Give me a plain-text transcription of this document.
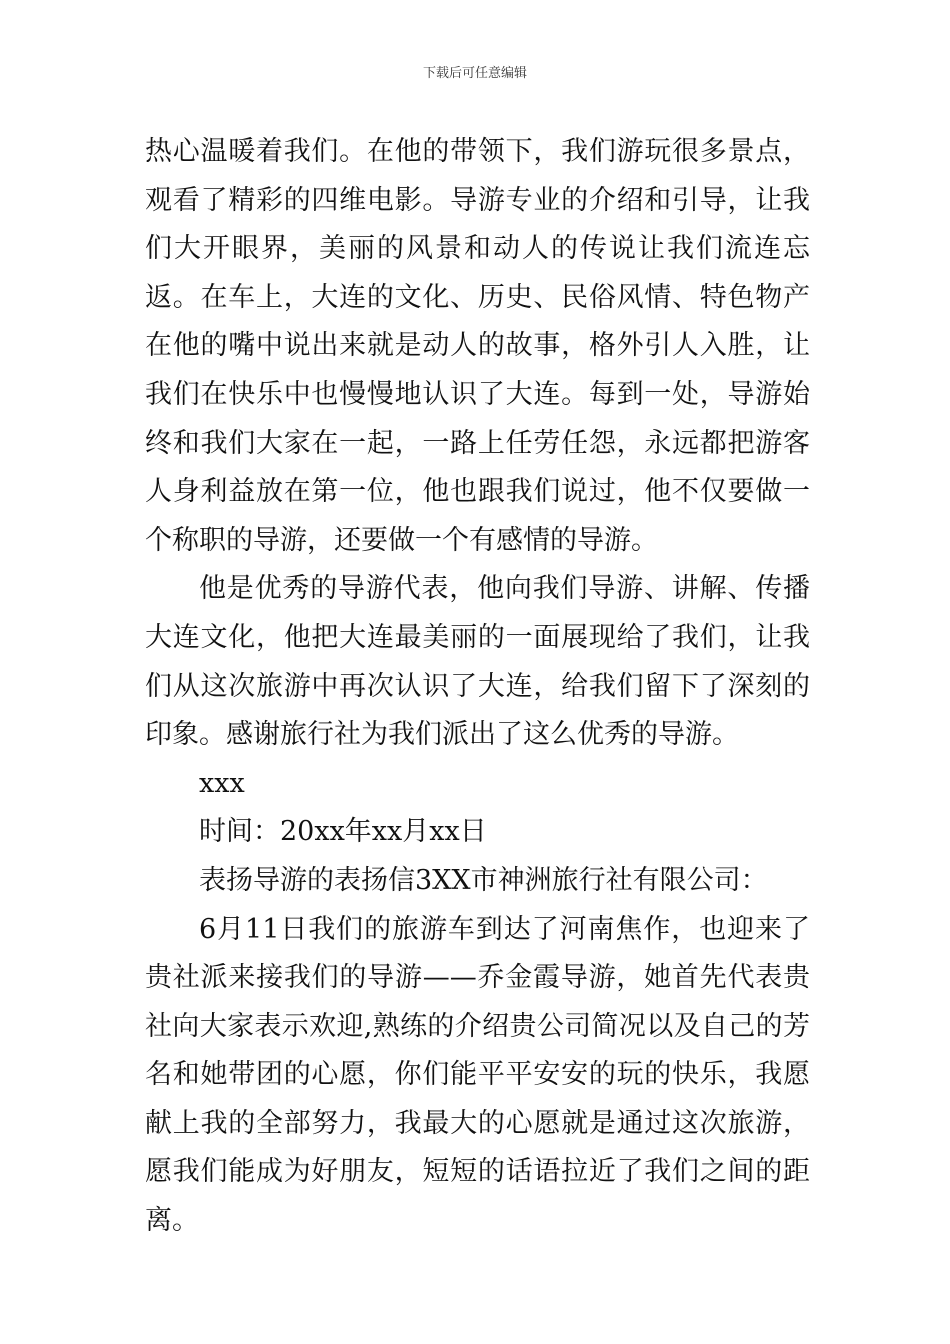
下载后可任意编辑

热心温暖着我们。在他的带领下，我们游玩很多景点，观看了精彩的四维电影。导游专业的介绍和引导，让我们大开眼界，美丽的风景和动人的传说让我们流连忘返。在车上，大连的文化、历史、民俗风情、特色物产在他的嘴中说出来就是动人的故事，格外引人入胜，让我们在快乐中也慢慢地认识了大连。每到一处，导游始终和我们大家在一起，一路上任劳任怨，永远都把游客人身利益放在第一位，他也跟我们说过，他不仅要做一个称职的导游，还要做一个有感情的导游。

他是优秀的导游代表，他向我们导游、讲解、传播大连文化，他把大连最美丽的一面展现给了我们，让我们从这次旅游中再次认识了大连，给我们留下了深刻的印象。感谢旅行社为我们派出了这么优秀的导游。

xxx

时间：20xx年xx月xx日

表扬导游的表扬信3XX市神洲旅行社有限公司：

6月11日我们的旅游车到达了河南焦作，也迎来了贵社派来接我们的导游——乔金霞导游，她首先代表贵社向大家表示欢迎,熟练的介绍贵公司简况以及自己的芳名和她带团的心愿，你们能平平安安的玩的快乐，我愿献上我的全部努力，我最大的心愿就是通过这次旅游，愿我们能成为好朋友，短短的话语拉近了我们之间的距离。
